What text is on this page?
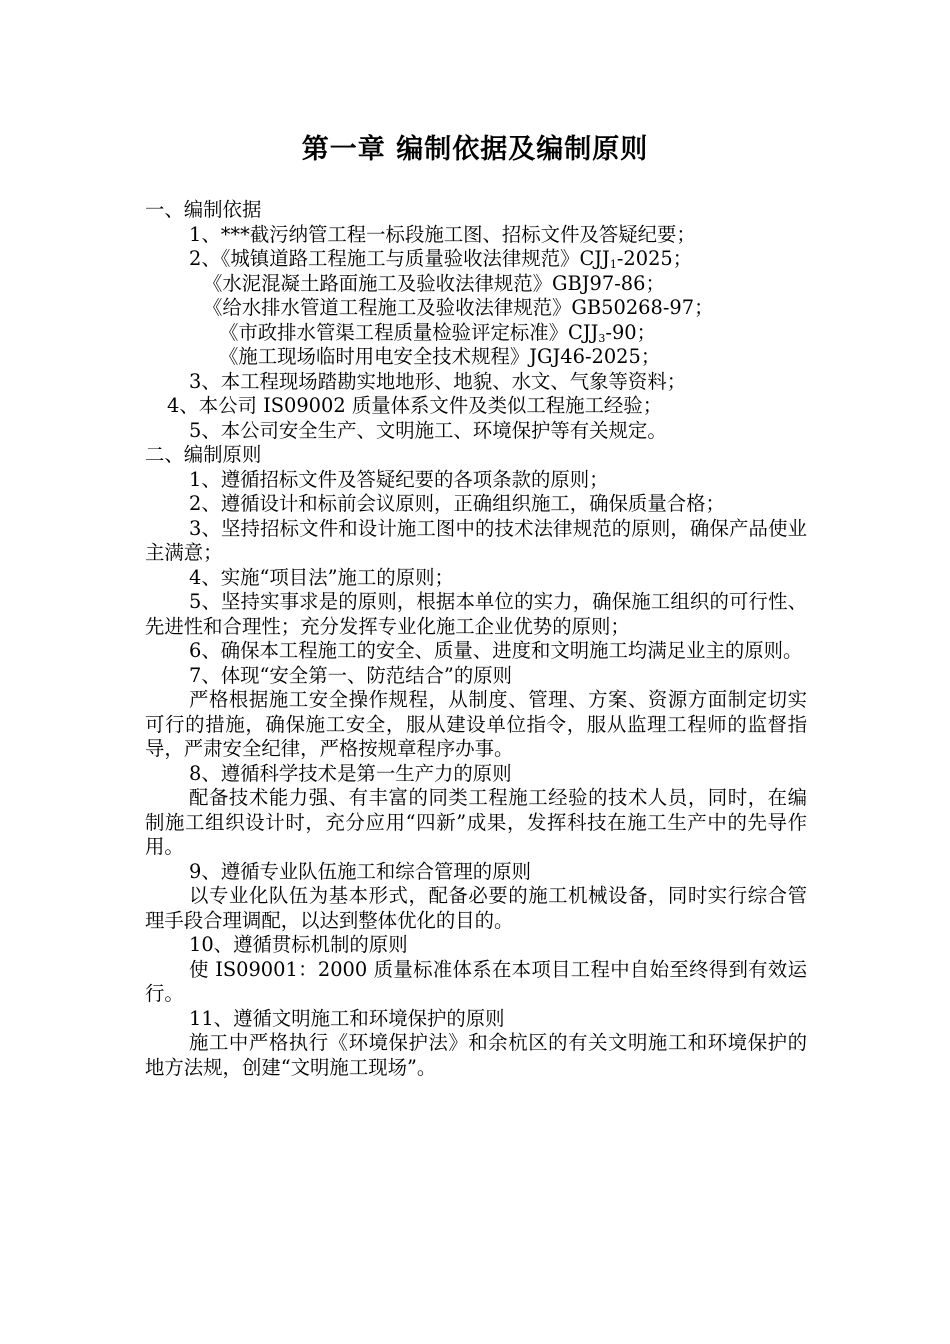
第一章 编制依据及编制原则
一、编制依据
1、***截污纳管工程一标段施工图、招标文件及答疑纪要；
2、《城镇道路工程施工与质量验收法律规范》$CJJ_1-2025$；
《水泥混凝土路面施工及验收法律规范》GBJ97-86；
《给水排水管道工程施工及验收法律规范》GB50268-97；
《市政排水管渠工程质量检验评定标准》$CJJ_3-90$；
《施工现场临时用电安全技术规程》JGJ46-2025；
3、本工程现场踏勘实地地形、地貌、水文、气象等资料；
4、本公司 IS09002 质量体系文件及类似工程施工经验；
5、本公司安全生产、文明施工、环境保护等有关规定。
二、编制原则
1、遵循招标文件及答疑纪要的各项条款的原则；
2、遵循设计和标前会议原则，正确组织施工，确保质量合格；
3、坚持招标文件和设计施工图中的技术法律规范的原则，确保产品使业主满意；
4、实施“项目法”施工的原则；
5、坚持实事求是的原则，根据本单位的实力，确保施工组织的可行性、先进性和合理性；充分发挥专业化施工企业优势的原则；
6、确保本工程施工的安全、质量、进度和文明施工均满足业主的原则。
7、体现“安全第一、防范结合”的原则
严格根据施工安全操作规程，从制度、管理、方案、资源方面制定切实可行的措施，确保施工安全，服从建设单位指令，服从监理工程师的监督指导，严肃安全纪律，严格按规章程序办事。
8、遵循科学技术是第一生产力的原则
配备技术能力强、有丰富的同类工程施工经验的技术人员，同时，在编制施工组织设计时，充分应用“四新”成果，发挥科技在施工生产中的先导作用。
9、遵循专业队伍施工和综合管理的原则
以专业化队伍为基本形式，配备必要的施工机械设备，同时实行综合管理手段合理调配，以达到整体优化的目的。
10、遵循贯标机制的原则
使 IS09001：2000 质量标准体系在本项目工程中自始至终得到有效运行。
11、遵循文明施工和环境保护的原则
施工中严格执行《环境保护法》和余杭区的有关文明施工和环境保护的地方法规，创建“文明施工现场”。
